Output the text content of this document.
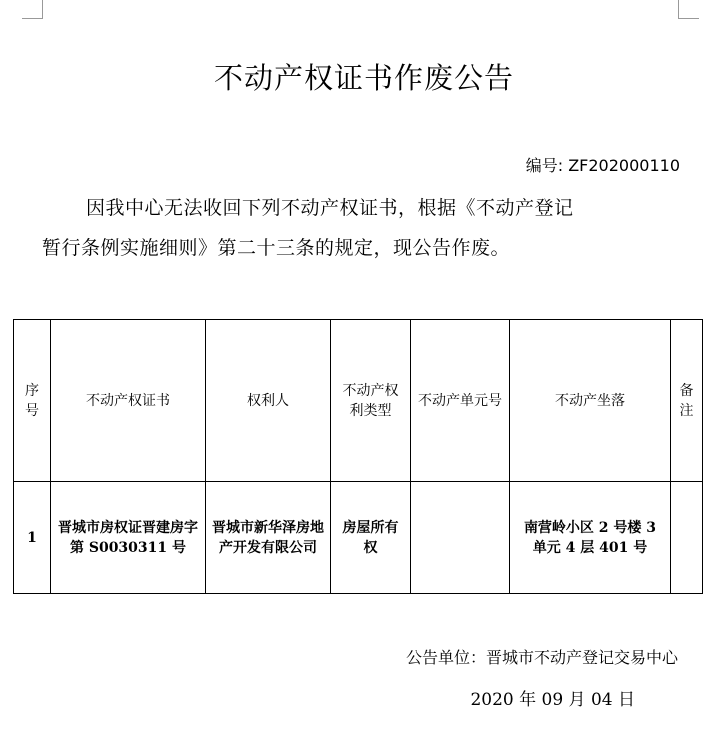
不动产权证书作废公告
编号: ZF202000110
因我中心无法收回下列不动产权证书，根据《不动产登记
暂行条例实施细则》第二十三条的规定，现公告作废。
序号	不动产权证书	权利人	不动产权利类型	不动产单元号	不动产坐落	备注
1	晋城市房权证晋建房字第 S0030311 号	晋城市新华泽房地产开发有限公司	房屋所有权		南营岭小区 2 号楼 3 单元 4 层 401 号	
公告单位：晋城市不动产登记交易中心
2020 年 09 月 04 日
